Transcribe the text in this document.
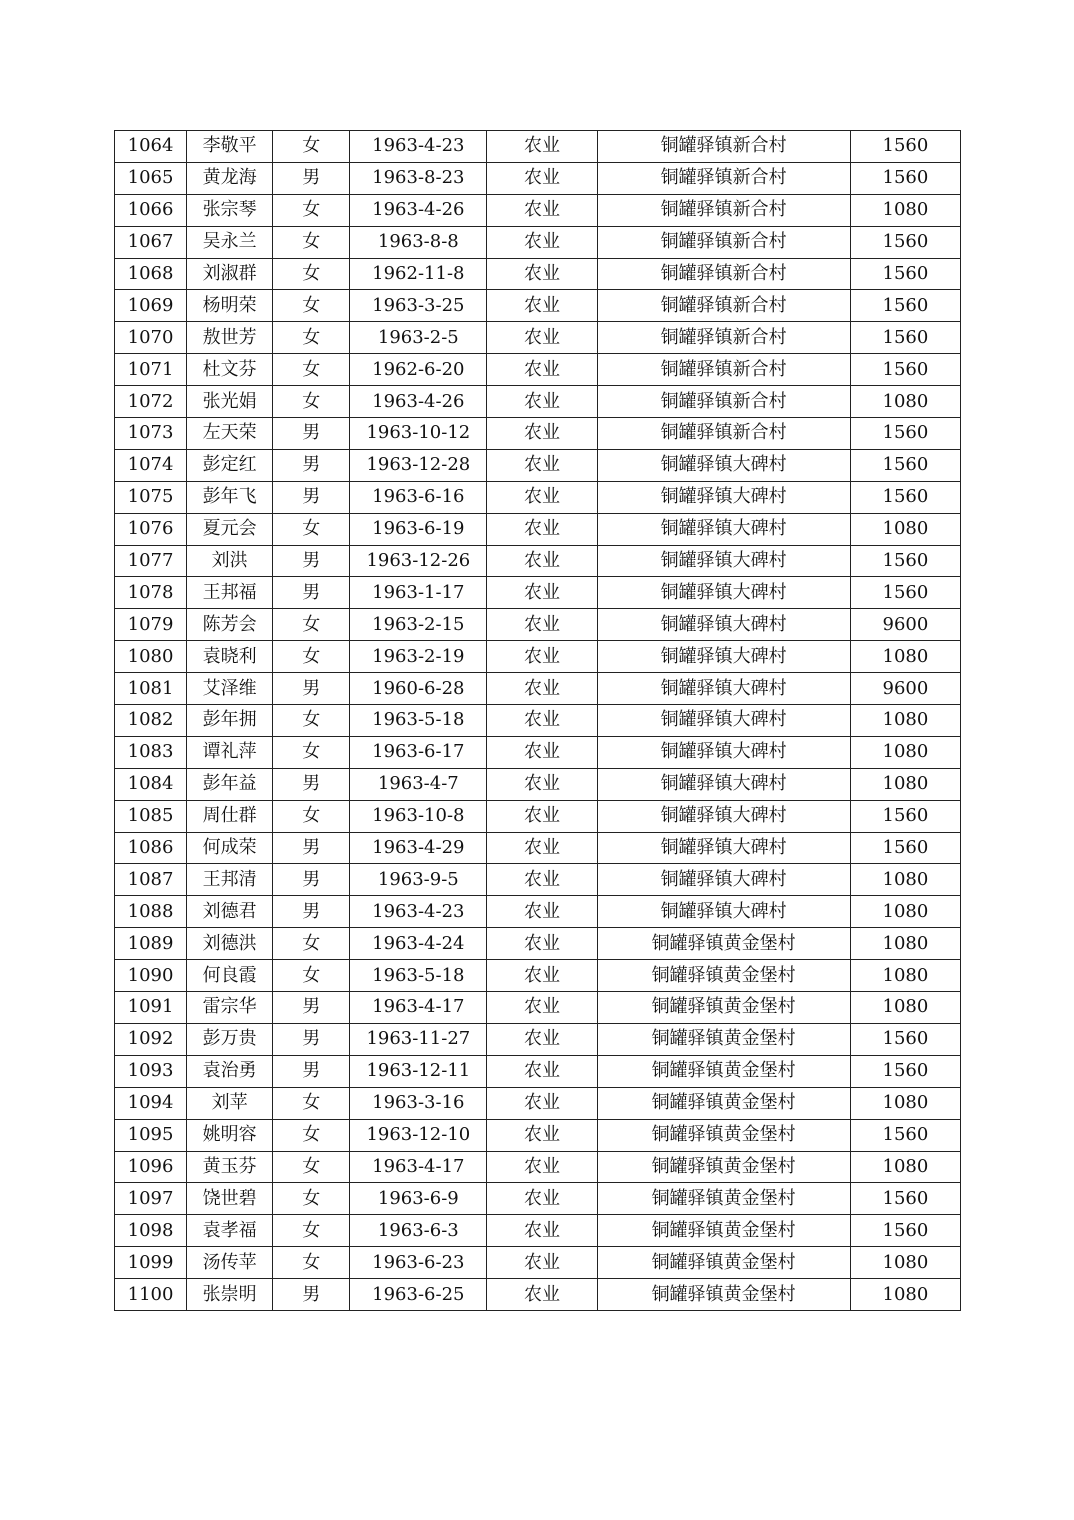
1064	李敬平	女	1963-4-23	农业	铜罐驿镇新合村	1560
1065	黄龙海	男	1963-8-23	农业	铜罐驿镇新合村	1560
1066	张宗琴	女	1963-4-26	农业	铜罐驿镇新合村	1080
1067	吴永兰	女	1963-8-8	农业	铜罐驿镇新合村	1560
1068	刘淑群	女	1962-11-8	农业	铜罐驿镇新合村	1560
1069	杨明荣	女	1963-3-25	农业	铜罐驿镇新合村	1560
1070	敖世芳	女	1963-2-5	农业	铜罐驿镇新合村	1560
1071	杜文芬	女	1962-6-20	农业	铜罐驿镇新合村	1560
1072	张光娟	女	1963-4-26	农业	铜罐驿镇新合村	1080
1073	左天荣	男	1963-10-12	农业	铜罐驿镇新合村	1560
1074	彭定红	男	1963-12-28	农业	铜罐驿镇大碑村	1560
1075	彭年飞	男	1963-6-16	农业	铜罐驿镇大碑村	1560
1076	夏元会	女	1963-6-19	农业	铜罐驿镇大碑村	1080
1077	刘洪	男	1963-12-26	农业	铜罐驿镇大碑村	1560
1078	王邦福	男	1963-1-17	农业	铜罐驿镇大碑村	1560
1079	陈芳会	女	1963-2-15	农业	铜罐驿镇大碑村	9600
1080	袁晓利	女	1963-2-19	农业	铜罐驿镇大碑村	1080
1081	艾泽维	男	1960-6-28	农业	铜罐驿镇大碑村	9600
1082	彭年拥	女	1963-5-18	农业	铜罐驿镇大碑村	1080
1083	谭礼萍	女	1963-6-17	农业	铜罐驿镇大碑村	1080
1084	彭年益	男	1963-4-7	农业	铜罐驿镇大碑村	1080
1085	周仕群	女	1963-10-8	农业	铜罐驿镇大碑村	1560
1086	何成荣	男	1963-4-29	农业	铜罐驿镇大碑村	1560
1087	王邦清	男	1963-9-5	农业	铜罐驿镇大碑村	1080
1088	刘德君	男	1963-4-23	农业	铜罐驿镇大碑村	1080
1089	刘德洪	女	1963-4-24	农业	铜罐驿镇黄金堡村	1080
1090	何良霞	女	1963-5-18	农业	铜罐驿镇黄金堡村	1080
1091	雷宗华	男	1963-4-17	农业	铜罐驿镇黄金堡村	1080
1092	彭万贵	男	1963-11-27	农业	铜罐驿镇黄金堡村	1560
1093	袁治勇	男	1963-12-11	农业	铜罐驿镇黄金堡村	1560
1094	刘苹	女	1963-3-16	农业	铜罐驿镇黄金堡村	1080
1095	姚明容	女	1963-12-10	农业	铜罐驿镇黄金堡村	1560
1096	黄玉芬	女	1963-4-17	农业	铜罐驿镇黄金堡村	1080
1097	饶世碧	女	1963-6-9	农业	铜罐驿镇黄金堡村	1560
1098	袁孝福	女	1963-6-3	农业	铜罐驿镇黄金堡村	1560
1099	汤传苹	女	1963-6-23	农业	铜罐驿镇黄金堡村	1080
1100	张崇明	男	1963-6-25	农业	铜罐驿镇黄金堡村	1080
